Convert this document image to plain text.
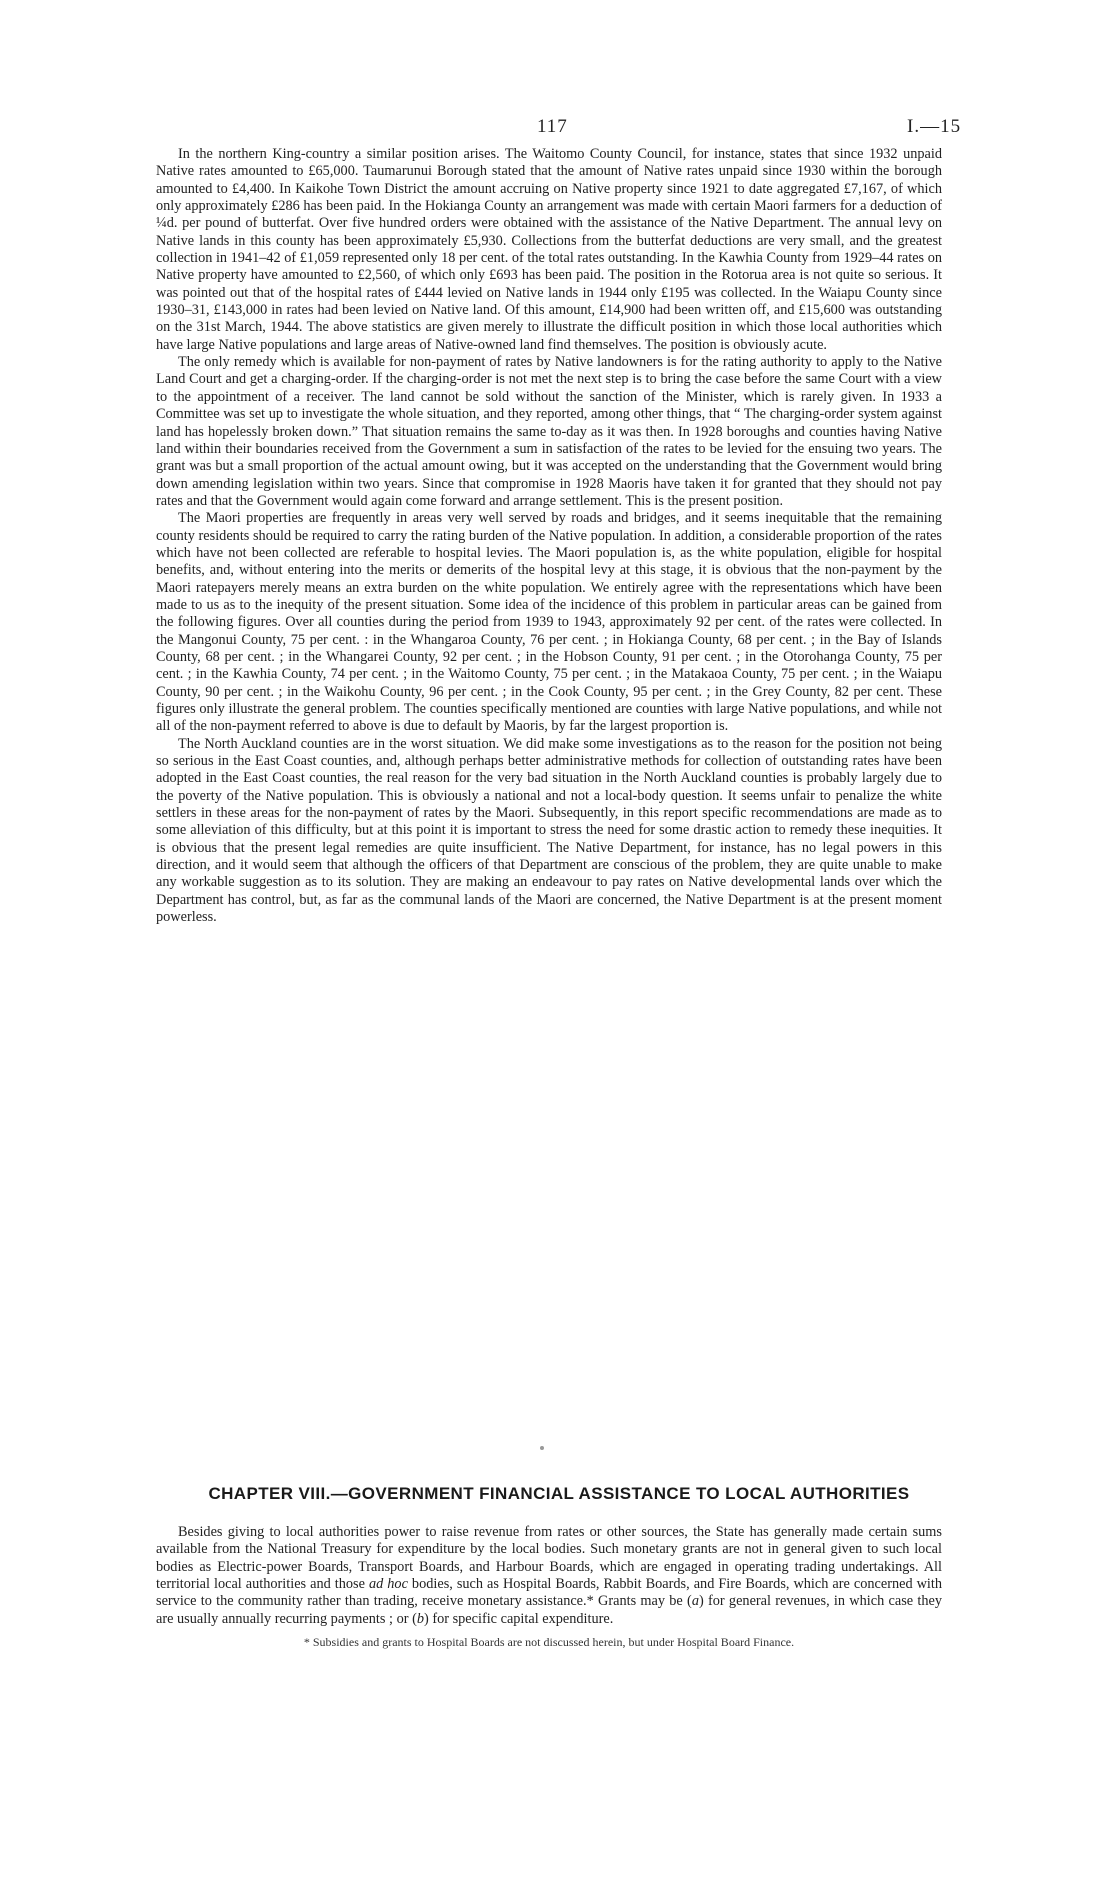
117	I.—15

In the northern King-country a similar position arises. The Waitomo County Council, for instance, states that since 1932 unpaid Native rates amounted to £65,000. Taumarunui Borough stated that the amount of Native rates unpaid since 1930 within the borough amounted to £4,400. In Kaikohe Town District the amount accruing on Native property since 1921 to date aggregated £7,167, of which only approximately £286 has been paid. In the Hokianga County an arrangement was made with certain Maori farmers for a deduction of ¼d. per pound of butterfat. Over five hundred orders were obtained with the assistance of the Native Department. The annual levy on Native lands in this county has been approximately £5,930. Collections from the butterfat deductions are very small, and the greatest collection in 1941–42 of £1,059 represented only 18 per cent. of the total rates outstanding. In the Kawhia County from 1929–44 rates on Native property have amounted to £2,560, of which only £693 has been paid. The position in the Rotorua area is not quite so serious. It was pointed out that of the hospital rates of £444 levied on Native lands in 1944 only £195 was collected. In the Waiapu County since 1930–31, £143,000 in rates had been levied on Native land. Of this amount, £14,900 had been written off, and £15,600 was outstanding on the 31st March, 1944. The above statistics are given merely to illustrate the difficult position in which those local authorities which have large Native populations and large areas of Native-owned land find themselves. The position is obviously acute.

The only remedy which is available for non-payment of rates by Native landowners is for the rating authority to apply to the Native Land Court and get a charging-order. If the charging-order is not met the next step is to bring the case before the same Court with a view to the appointment of a receiver. The land cannot be sold without the sanction of the Minister, which is rarely given. In 1933 a Committee was set up to investigate the whole situation, and they reported, among other things, that “ The charging-order system against land has hopelessly broken down.” That situation remains the same to-day as it was then. In 1928 boroughs and counties having Native land within their boundaries received from the Government a sum in satisfaction of the rates to be levied for the ensuing two years. The grant was but a small proportion of the actual amount owing, but it was accepted on the understanding that the Government would bring down amending legislation within two years. Since that compromise in 1928 Maoris have taken it for granted that they should not pay rates and that the Government would again come forward and arrange settlement. This is the present position.

The Maori properties are frequently in areas very well served by roads and bridges, and it seems inequitable that the remaining county residents should be required to carry the rating burden of the Native population. In addition, a considerable proportion of the rates which have not been collected are referable to hospital levies. The Maori population is, as the white population, eligible for hospital benefits, and, without entering into the merits or demerits of the hospital levy at this stage, it is obvious that the non-payment by the Maori ratepayers merely means an extra burden on the white population. We entirely agree with the representations which have been made to us as to the inequity of the present situation. Some idea of the incidence of this problem in particular areas can be gained from the following figures. Over all counties during the period from 1939 to 1943, approximately 92 per cent. of the rates were collected. In the Mangonui County, 75 per cent. : in the Whangaroa County, 76 per cent. ; in Hokianga County, 68 per cent. ; in the Bay of Islands County, 68 per cent. ; in the Whangarei County, 92 per cent. ; in the Hobson County, 91 per cent. ; in the Otorohanga County, 75 per cent. ; in the Kawhia County, 74 per cent. ; in the Waitomo County, 75 per cent. ; in the Matakaoa County, 75 per cent. ; in the Waiapu County, 90 per cent. ; in the Waikohu County, 96 per cent. ; in the Cook County, 95 per cent. ; in the Grey County, 82 per cent. These figures only illustrate the general problem. The counties specifically mentioned are counties with large Native populations, and while not all of the non-payment referred to above is due to default by Maoris, by far the largest proportion is.

The North Auckland counties are in the worst situation. We did make some investigations as to the reason for the position not being so serious in the East Coast counties, and, although perhaps better administrative methods for collection of outstanding rates have been adopted in the East Coast counties, the real reason for the very bad situation in the North Auckland counties is probably largely due to the poverty of the Native population. This is obviously a national and not a local-body question. It seems unfair to penalize the white settlers in these areas for the non-payment of rates by the Maori. Subsequently, in this report specific recommendations are made as to some alleviation of this difficulty, but at this point it is important to stress the need for some drastic action to remedy these inequities. It is obvious that the present legal remedies are quite insufficient. The Native Department, for instance, has no legal powers in this direction, and it would seem that although the officers of that Department are conscious of the problem, they are quite unable to make any workable suggestion as to its solution. They are making an endeavour to pay rates on Native developmental lands over which the Department has control, but, as far as the communal lands of the Maori are concerned, the Native Department is at the present moment powerless.

CHAPTER VIII.—GOVERNMENT FINANCIAL ASSISTANCE TO LOCAL AUTHORITIES

Besides giving to local authorities power to raise revenue from rates or other sources, the State has generally made certain sums available from the National Treasury for expenditure by the local bodies. Such monetary grants are not in general given to such local bodies as Electric-power Boards, Transport Boards, and Harbour Boards, which are engaged in operating trading undertakings. All territorial local authorities and those ad hoc bodies, such as Hospital Boards, Rabbit Boards, and Fire Boards, which are concerned with service to the community rather than trading, receive monetary assistance.* Grants may be (a) for general revenues, in which case they are usually annually recurring payments ; or (b) for specific capital expenditure.

* Subsidies and grants to Hospital Boards are not discussed herein, but under Hospital Board Finance.
